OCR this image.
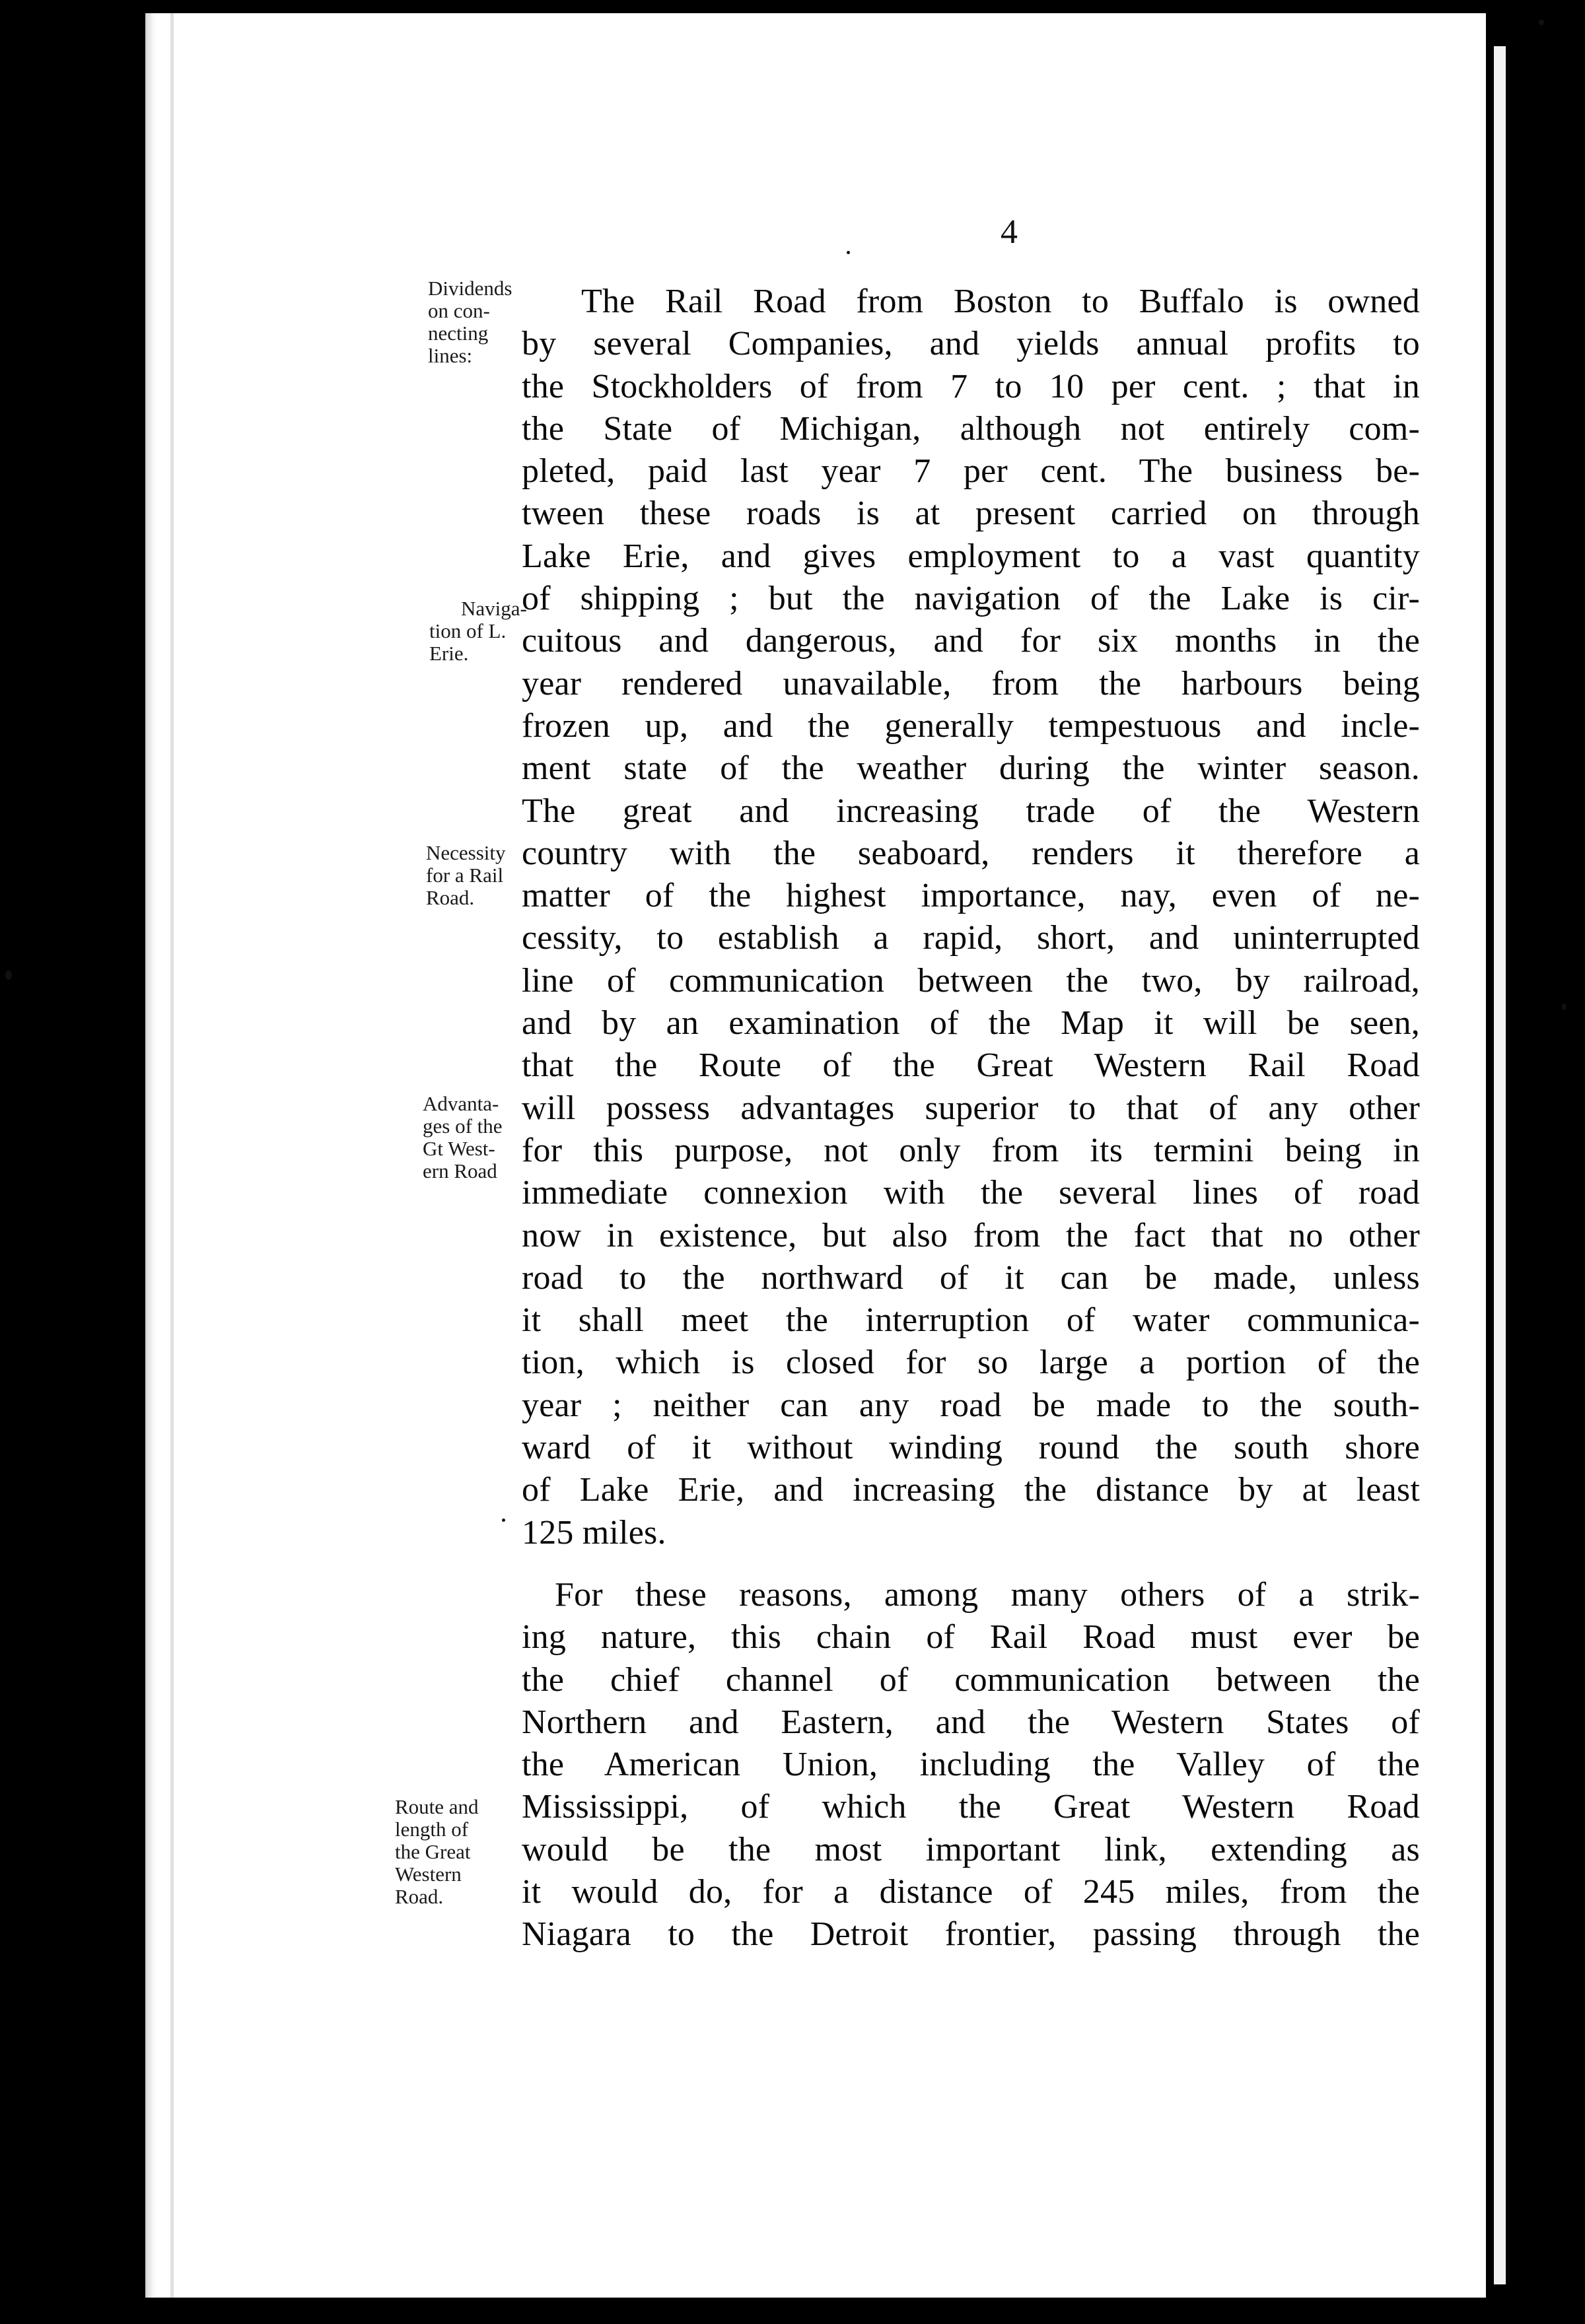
4
Dividends
on con-
necting
lines:
Naviga-
tion of L.
Erie.
Necessity
for a Rail
Road.
Advanta-
ges of the
Gt West-
ern Road
Route and
length of
the Great
Western
Road.
The Rail Road from Boston to Buffalo is owned
by several Companies, and yields annual profits to
the Stockholders of from 7 to 10 per cent. ; that in
the State of Michigan, although not entirely com-
pleted, paid last year 7 per cent. The business be-
tween these roads is at present carried on through
Lake Erie, and gives employment to a vast quantity
of shipping ; but the navigation of the Lake is cir-
cuitous and dangerous, and for six months in the
year rendered unavailable, from the harbours being
frozen up, and the generally tempestuous and incle-
ment state of the weather during the winter season.
The great and increasing trade of the Western
country with the seaboard, renders it therefore a
matter of the highest importance, nay, even of ne-
cessity, to establish a rapid, short, and uninterrupted
line of communication between the two, by railroad,
and by an examination of the Map it will be seen,
that the Route of the Great Western Rail Road
will possess advantages superior to that of any other
for this purpose, not only from its termini being in
immediate connexion with the several lines of road
now in existence, but also from the fact that no other
road to the northward of it can be made, unless
it shall meet the interruption of water communica-
tion, which is closed for so large a portion of the
year ; neither can any road be made to the south-
ward of it without winding round the south shore
of Lake Erie, and increasing the distance by at least
125 miles.
For these reasons, among many others of a strik-
ing nature, this chain of Rail Road must ever be
the chief channel of communication between the
Northern and Eastern, and the Western States of
the American Union, including the Valley of the
Mississippi, of which the Great Western Road
would be the most important link, extending as
it would do, for a distance of 245 miles, from the
Niagara to the Detroit frontier, passing through the
